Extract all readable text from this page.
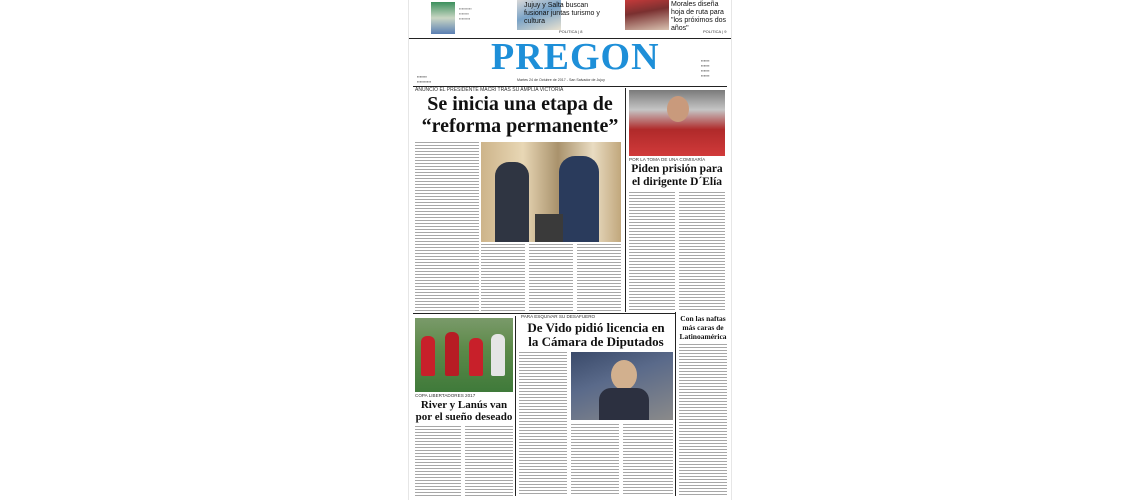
▪▪▪▪▪▪▪▪▪
▪▪▪▪▪▪▪
▪▪▪▪▪▪▪▪
Jujuy y Salta buscan fusionar juntas turismo y cultura
POLITICA | 8
Morales diseña hoja de ruta para "los próximos dos años"	POLITICA | 9
PREGON
▪▪▪▪▪▪▪
▪▪▪▪▪▪▪▪▪▪
▪▪▪▪▪▪
▪▪▪▪▪▪
▪▪▪▪▪▪
▪▪▪▪▪▪
Martes 24 de Octubre de 2017 - San Salvador de Jujuy
ANUNCIÓ EL PRESIDENTE MACRI TRAS SU AMPLIA VICTORIA
Se inicia una etapa de
“reforma permanente”
POR LA TOMA DE UNA COMISARÍA
Piden prisión para
el dirigente D´Elía
COPA LIBERTADORES 2017
River y Lanús van
por el sueño deseado
PARA ESQUIVAR SU DESAFUERO
De Vido pidió licencia en
la Cámara de Diputados
Con las naftas
más caras de
Latinoamérica
